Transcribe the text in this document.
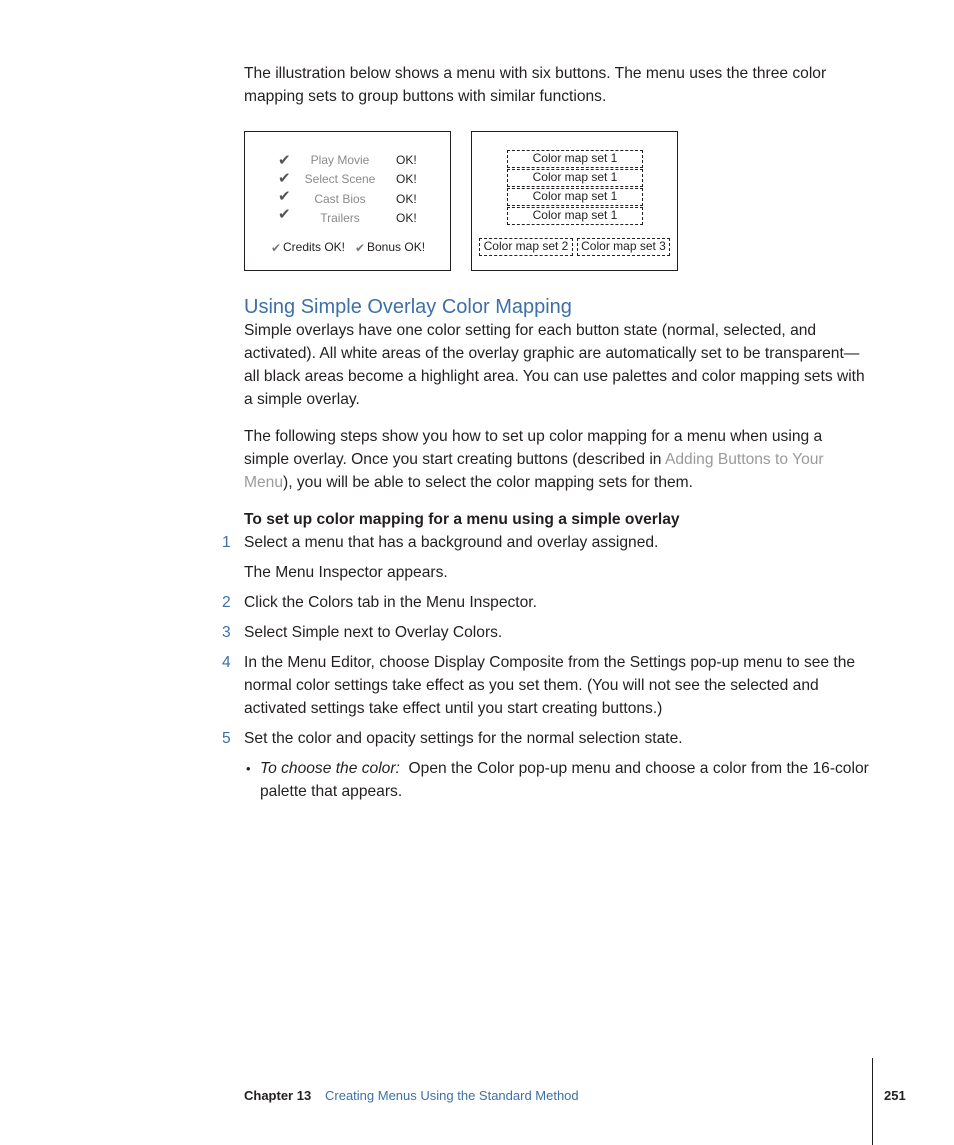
The illustration below shows a menu with six buttons. The menu uses the three color mapping sets to group buttons with similar functions.
✔
✔
✔
✔
Play Movie
Select Scene
Cast Bios
Trailers
OK!
OK!
OK!
OK!
✔ Credits OK! ✔ Bonus OK!
Color map set 1
Color map set 1
Color map set 1
Color map set 1
Color map set 2	Color map set 3
Using Simple Overlay Color Mapping
Simple overlays have one color setting for each button state (normal, selected, and activated). All white areas of the overlay graphic are automatically set to be transparent—all black areas become a highlight area. You can use palettes and color mapping sets with a simple overlay.
The following steps show you how to set up color mapping for a menu when using a simple overlay. Once you start creating buttons (described in Adding Buttons to Your Menu), you will be able to select the color mapping sets for them.
To set up color mapping for a menu using a simple overlay
1 Select a menu that has a background and overlay assigned.
The Menu Inspector appears.
2 Click the Colors tab in the Menu Inspector.
3 Select Simple next to Overlay Colors.
4 In the Menu Editor, choose Display Composite from the Settings pop-up menu to see the normal color settings take effect as you set them. (You will not see the selected and activated settings take effect until you start creating buttons.)
5 Set the color and opacity settings for the normal selection state.
• To choose the color: Open the Color pop-up menu and choose a color from the 16-color palette that appears.
Chapter 13 Creating Menus Using the Standard Method	251
